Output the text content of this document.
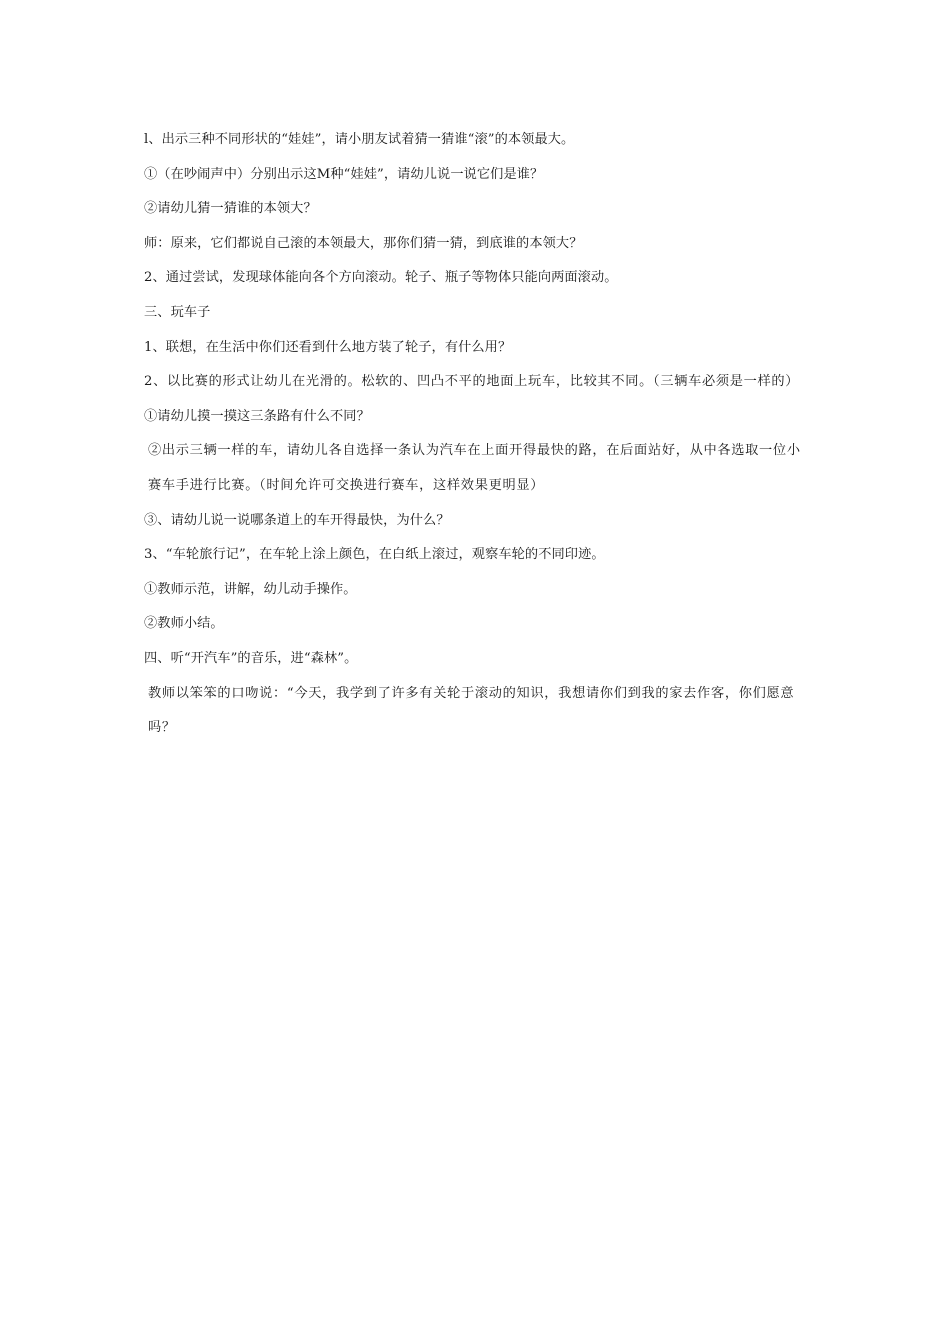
l、出示三种不同形状的“娃娃”，请小朋友试着猜一猜谁“滚”的本领最大。
①（在吵闹声中）分别出示这M种“娃娃”，请幼儿说一说它们是谁？
②请幼儿猜一猜谁的本领大？
师：原来，它们都说自己滚的本领最大，那你们猜一猜，到底谁的本领大？
2、通过尝试，发现球体能向各个方向滚动。轮子、瓶子等物体只能向两面滚动。
三、玩车子
1、联想，在生活中你们还看到什么地方装了轮子，有什么用？
2、以比赛的形式让幼儿在光滑的。松软的、凹凸不平的地面上玩车，比较其不同。（三辆车必须是一样的）
①请幼儿摸一摸这三条路有什么不同？
②出示三辆一样的车，请幼儿各自选择一条认为汽车在上面开得最快的路，在后面站好，从中各选取一位小赛车手进行比赛。（时间允许可交换进行赛车，这样效果更明显）
③、请幼儿说一说哪条道上的车开得最快，为什么？
3、“车轮旅行记”，在车轮上涂上颜色，在白纸上滚过，观察车轮的不同印迹。
①教师示范，讲解，幼儿动手操作。
②教师小结。
四、听“开汽车”的音乐，进“森林”。
教师以笨笨的口吻说：“今天，我学到了许多有关轮于滚动的知识，我想请你们到我的家去作客，你们愿意吗？
